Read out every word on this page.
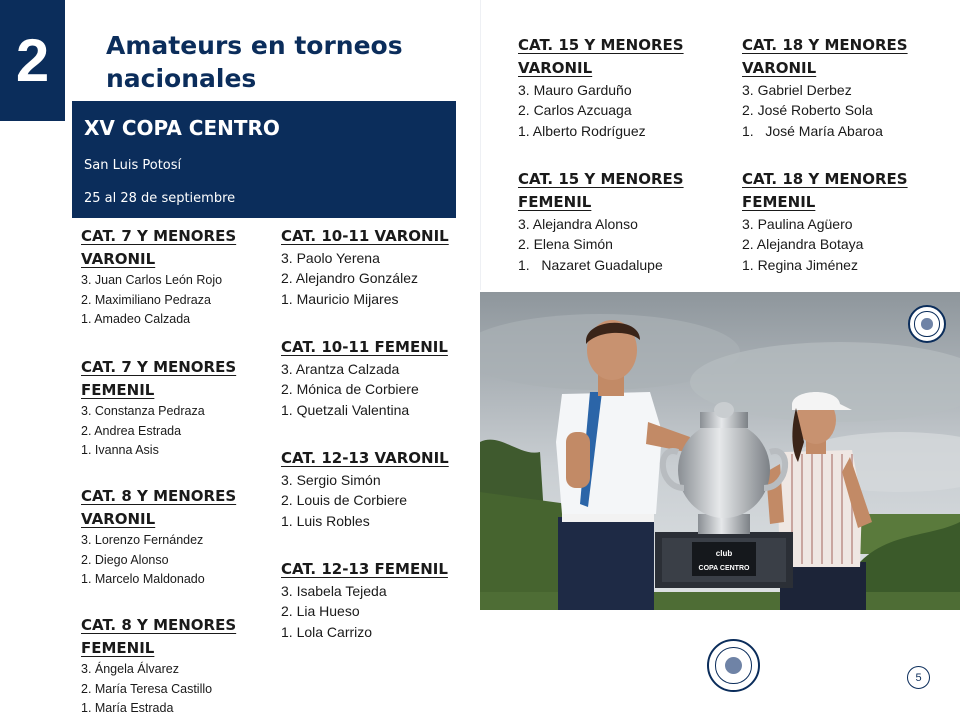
2	Amateurs en torneos nacionales
XV COPA CENTRO
San Luis Potosí
25 al 28 de septiembre
CAT. 7 Y MENORES VARONIL
3. Juan Carlos León Rojo
2. Maximiliano Pedraza
1. Amadeo Calzada
CAT. 7 Y MENORES FEMENIL
3. Constanza Pedraza
2. Andrea Estrada
1. Ivanna Asis
CAT. 8 Y MENORES VARONIL
3. Lorenzo Fernández
2. Diego Alonso
1. Marcelo Maldonado
CAT. 8 Y MENORES FEMENIL
3. Ángela Álvarez
2. María Teresa Castillo
1. María Estrada
CAT. 10-11 VARONIL
3. Paolo Yerena
2. Alejandro González
1. Mauricio Mijares
CAT. 10-11 FEMENIL
3. Arantza Calzada
2. Mónica de Corbiere
1. Quetzali Valentina
CAT. 12-13 VARONIL
3. Sergio Simón
2. Louis de Corbiere
1. Luis Robles
CAT. 12-13 FEMENIL
3. Isabela Tejeda
2. Lia Hueso
1. Lola Carrizo
CAT. 15 Y MENORES VARONIL
3. Mauro Garduño
2. Carlos Azcuaga
1. Alberto Rodríguez
CAT. 15 Y MENORES FEMENIL
3. Alejandra Alonso
2. Elena Simón
1.   Nazaret Guadalupe
CAT. 18 Y MENORES VARONIL
3. Gabriel Derbez
2. José Roberto Sola
1.   José María Abaroa
CAT. 18 Y MENORES FEMENIL
3. Paulina Agüero
2. Alejandra Botaya
1. Regina Jiménez
club
COPA CENTRO
5
